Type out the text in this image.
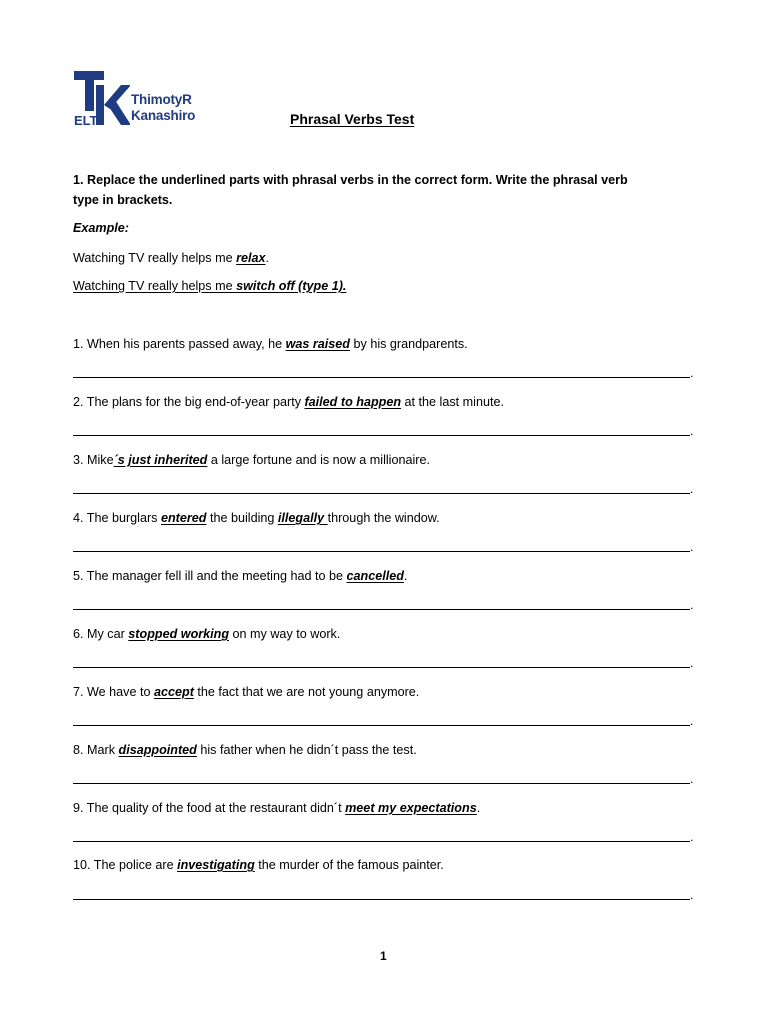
ELT
ThimotyR
Kanashiro	Phrasal Verbs Test
1. Replace the underlined parts with phrasal verbs in the correct form. Write the phrasal verb
type in brackets.
Example:
Watching TV really helps me relax.
Watching TV really helps me switch off (type 1).
1. When his parents passed away, he was raised by his grandparents.
.
2. The plans for the big end-of-year party failed to happen at the last minute.
.
3. Mike´s just inherited a large fortune and is now a millionaire.
.
4. The burglars entered the building illegally through the window.
.
5. The manager fell ill and the meeting had to be cancelled.
.
6. My car stopped working on my way to work.
.
7. We have to accept the fact that we are not young anymore.
.
8. Mark disappointed his father when he didn´t pass the test.
.
9. The quality of the food at the restaurant didn´t meet my expectations.
.
10. The police are investigating the murder of the famous painter.
.
1
